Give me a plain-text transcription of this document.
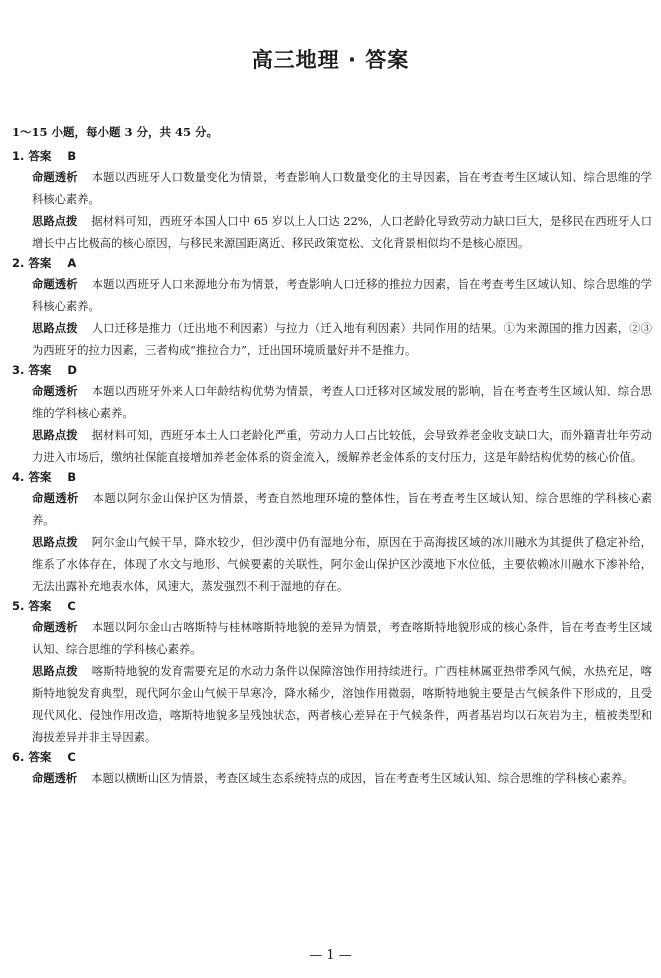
高三地理 · 答案
1～15 小题，每小题 3 分，共 45 分。
1. 答案 B
命题透析 本题以西班牙人口数量变化为情景，考查影响人口数量变化的主导因素，旨在考查考生区域认知、综合思维的学科核心素养。
思路点拨 据材料可知，西班牙本国人口中 65 岁以上人口达 22%，人口老龄化导致劳动力缺口巨大，是移民在西班牙人口增长中占比极高的核心原因，与移民来源国距离近、移民政策宽松、文化背景相似均不是核心原因。
2. 答案 A
命题透析 本题以西班牙人口来源地分布为情景，考查影响人口迁移的推拉力因素，旨在考查考生区域认知、综合思维的学科核心素养。
思路点拨 人口迁移是推力（迁出地不利因素）与拉力（迁入地有利因素）共同作用的结果。①为来源国的推力因素，②③为西班牙的拉力因素，三者构成“推拉合力”，迁出国环境质量好并不是推力。
3. 答案 D
命题透析 本题以西班牙外来人口年龄结构优势为情景，考查人口迁移对区域发展的影响，旨在考查考生区域认知、综合思维的学科核心素养。
思路点拨 据材料可知，西班牙本土人口老龄化严重，劳动力人口占比较低，会导致养老金收支缺口大，而外籍青壮年劳动力进入市场后，缴纳社保能直接增加养老金体系的资金流入，缓解养老金体系的支付压力，这是年龄结构优势的核心价值。
4. 答案 B
命题透析 本题以阿尔金山保护区为情景，考查自然地理环境的整体性，旨在考查考生区域认知、综合思维的学科核心素养。
思路点拨 阿尔金山气候干旱，降水较少，但沙漠中仍有湿地分布，原因在于高海拔区域的冰川融水为其提供了稳定补给，维系了水体存在，体现了水文与地形、气候要素的关联性，阿尔金山保护区沙漠地下水位低，主要依赖冰川融水下渗补给，无法出露补充地表水体，风速大，蒸发强烈不利于湿地的存在。
5. 答案 C
命题透析 本题以阿尔金山古喀斯特与桂林喀斯特地貌的差异为情景，考查喀斯特地貌形成的核心条件，旨在考查考生区域认知、综合思维的学科核心素养。
思路点拨 喀斯特地貌的发育需要充足的水动力条件以保障溶蚀作用持续进行。广西桂林属亚热带季风气候，水热充足，喀斯特地貌发育典型，现代阿尔金山气候干旱寒冷，降水稀少，溶蚀作用微弱，喀斯特地貌主要是古气候条件下形成的，且受现代风化、侵蚀作用改造，喀斯特地貌多呈残蚀状态，两者核心差异在于气候条件，两者基岩均以石灰岩为主，植被类型和海拔差异并非主导因素。
6. 答案 C
命题透析 本题以横断山区为情景，考查区域生态系统特点的成因，旨在考查考生区域认知、综合思维的学科核心素养。
— 1 —
